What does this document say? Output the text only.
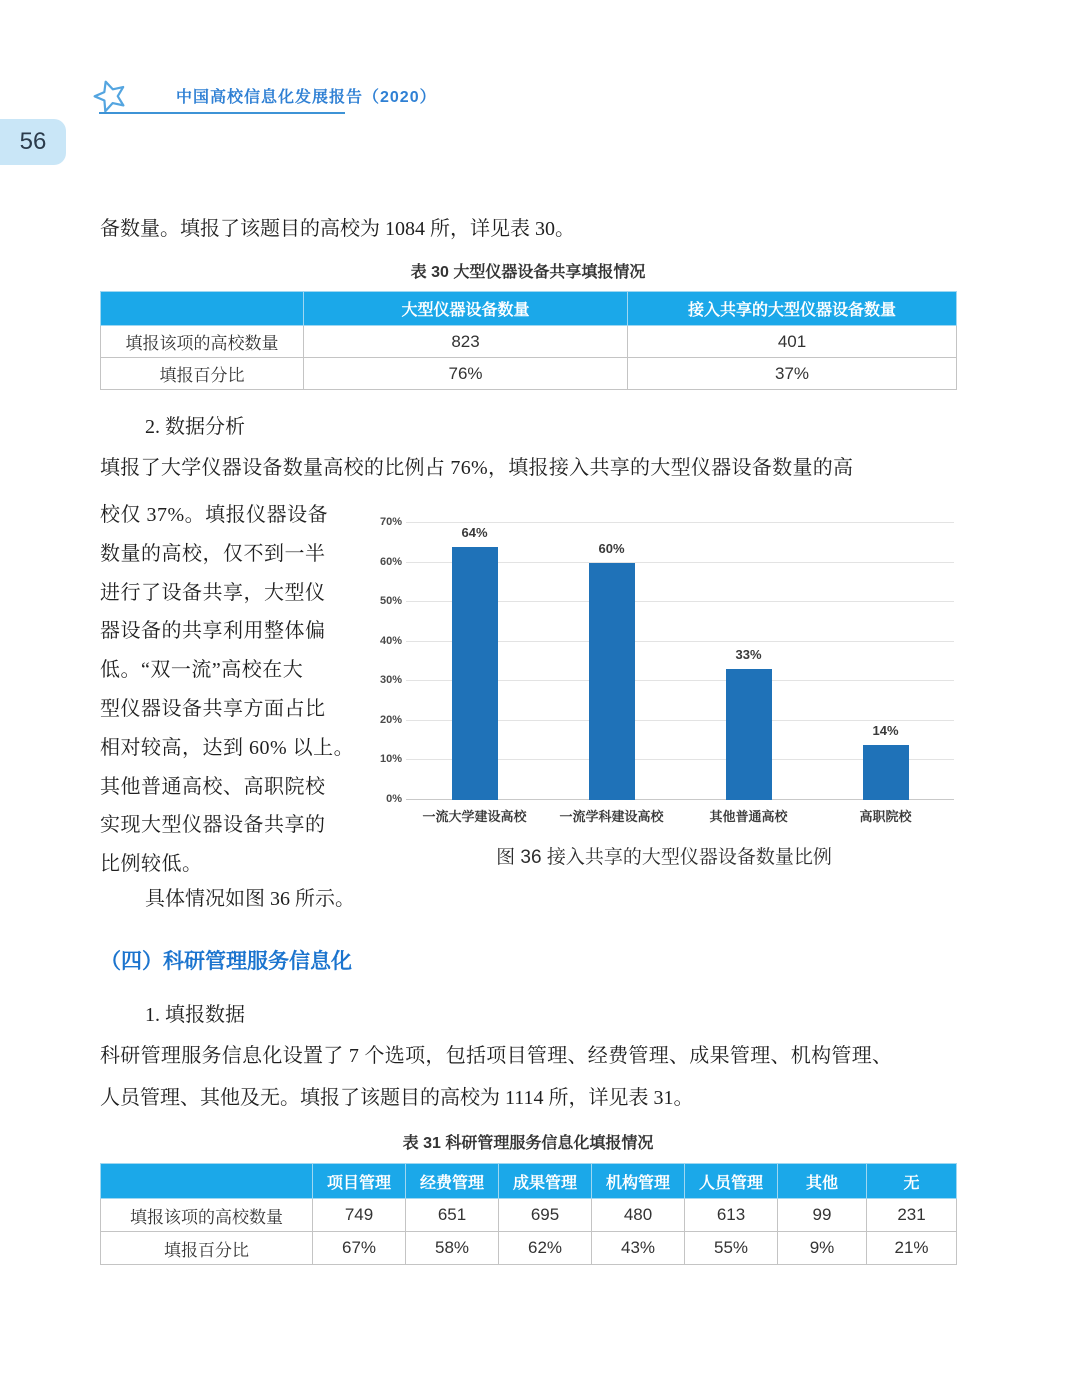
中国高校信息化发展报告（2020）
56
备数量。填报了该题目的高校为 1084 所，详见表 30。
表 30 大型仪器设备共享填报情况
	大型仪器设备数量	接入共享的大型仪器设备数量
填报该项的高校数量	823	401
填报百分比	76%	37%
2. 数据分析
填报了大学仪器设备数量高校的比例占 76%，填报接入共享的大型仪器设备数量的高
校仅 37%。填报仪器设备
数量的高校，仅不到一半
进行了设备共享，大型仪
器设备的共享利用整体偏
低。“双一流”高校在大
型仪器设备共享方面占比
相对较高，达到 60% 以上。
其他普通高校、高职院校
实现大型仪器设备共享的
比例较低。
0%
10%
20%
30%
40%
50%
60%
70%
64%
60%
33%
14%
一流大学建设高校	一流学科建设高校	其他普通高校	高职院校
图 36 接入共享的大型仪器设备数量比例
具体情况如图 36 所示。
（四）科研管理服务信息化
1. 填报数据
科研管理服务信息化设置了 7 个选项，包括项目管理、经费管理、成果管理、机构管理、
人员管理、其他及无。填报了该题目的高校为 1114 所，详见表 31。
表 31 科研管理服务信息化填报情况
	项目管理	经费管理	成果管理	机构管理	人员管理	其他	无
填报该项的高校数量	749	651	695	480	613	99	231
填报百分比	67%	58%	62%	43%	55%	9%	21%
